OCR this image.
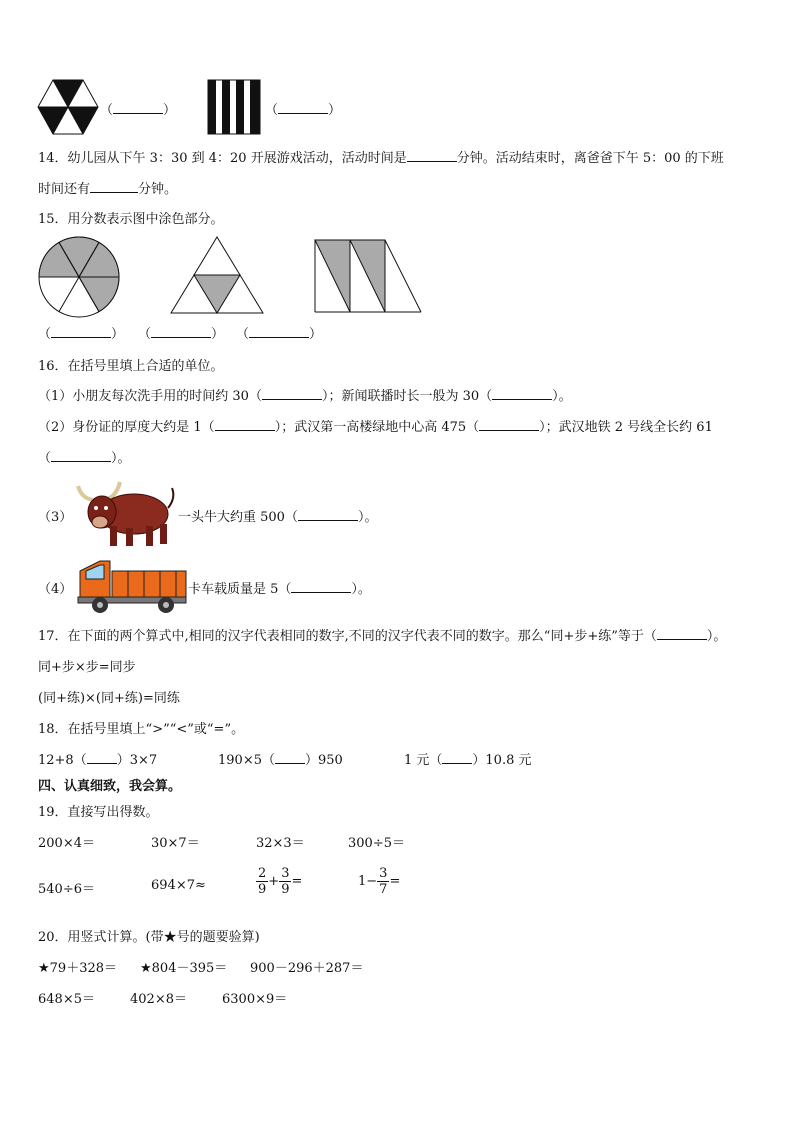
（	）	（	）
14．幼儿园从下午 3：30 到 4：20 开展游戏活动，活动时间是	分钟。活动结束时，离爸爸下午 5：00 的下班
时间还有	分钟。
15．用分数表示图中涂色部分。
（	） （	） （	）
16．在括号里填上合适的单位。
（1）小朋友每次洗手用的时间约 30（	）；新闻联播时长一般为 30（	）。
（2）身份证的厚度大约是 1（	）；武汉第一高楼绿地中心高 475（	）；武汉地铁 2 号线全长约 61
（	）。
（3）	一头牛大约重 500（	）。
（4）	卡车载质量是 5（	）。
17．在下面的两个算式中,相同的汉字代表相同的数字,不同的汉字代表不同的数字。那么“同+步+练”等于（	）。
同+步×步=同步
(同+练)×(同+练)=同练
18．在括号里填上“>”“<”或“=”。
12+8（ ）3×7	190×5（ ）950	1 元（ ）10.8 元
四、认真细致，我会算。
19．直接写出得数。
200×4＝	30×7＝	32×3＝	300÷5＝
540÷6＝	694×7≈	$\frac{2}{9} + \frac{3}{9}$ =	$1- \frac{3}{7}$ =
20．用竖式计算。(带★号的题要验算)
★79＋328＝ ★804－395＝ 900－296＋287＝
648×5＝	402×8＝	6300×9＝
